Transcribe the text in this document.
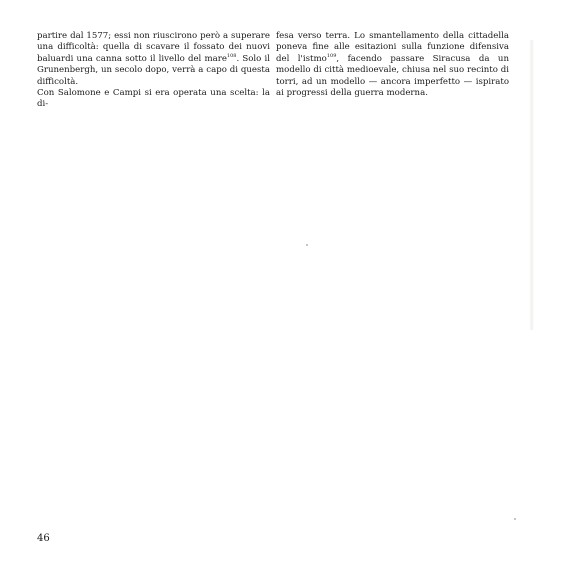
partire dal 1577; essi non riuscirono però a superare una difficoltà: quella di scavare il fossato dei nuovi baluardi una canna sotto il livello del mare$^{108}$. Solo il Grunenbergh, un secolo dopo, verrà a capo di questa difficoltà.

Con Salomone e Campi si era operata una scelta: la di-

fesa verso terra. Lo smantellamento della cittadella poneva fine alle esitazioni sulla funzione difensiva del l'istmo$^{109}$, facendo passare Siracusa da un modello di città medioevale, chiusa nel suo recinto di torri, ad un modello — ancora imperfetto — ispirato ai progressi della guerra moderna.

46
